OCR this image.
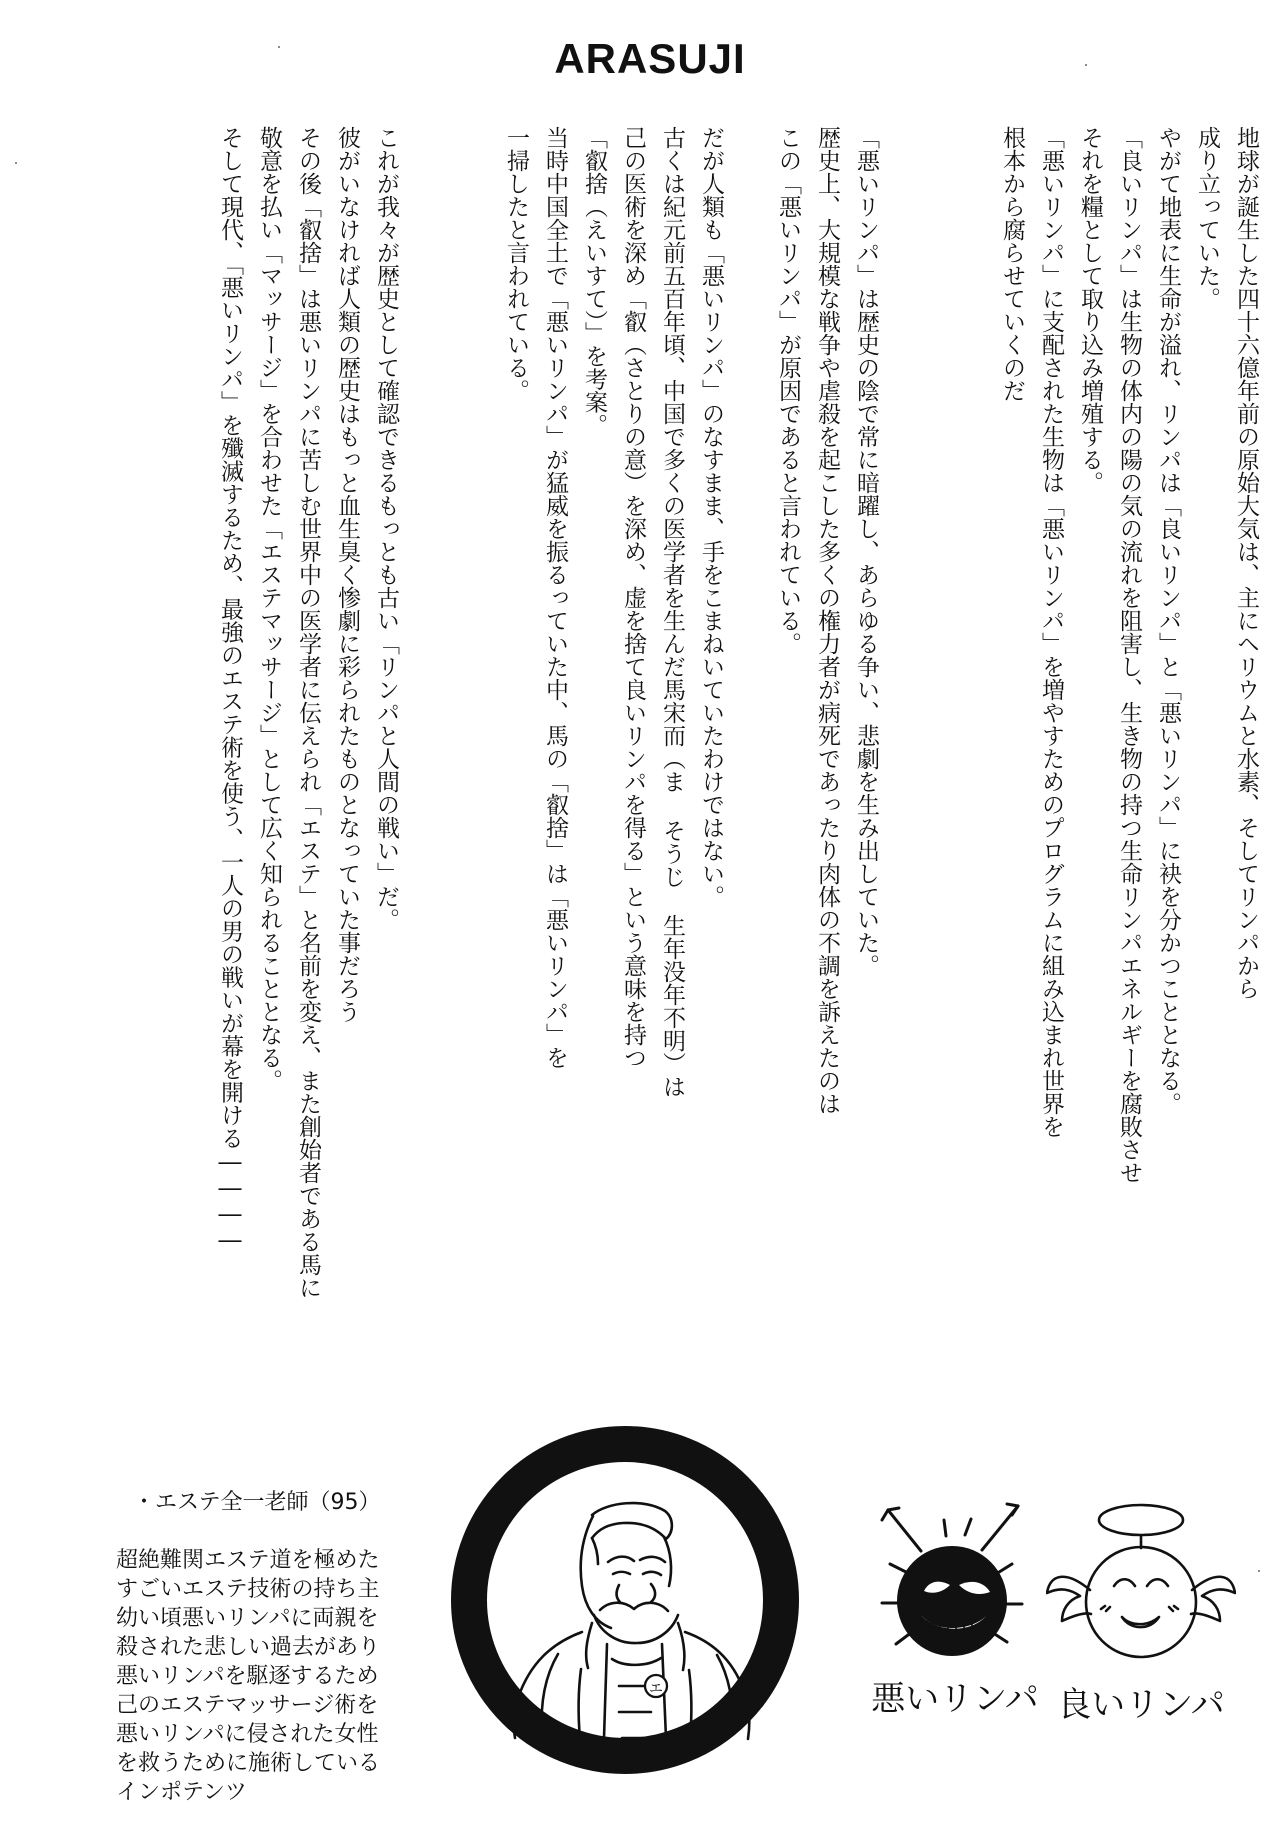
ARASUJI
地球が誕生した四十六億年前の原始大気は、主にヘリウムと水素、そしてリンパから
成り立っていた。
やがて地表に生命が溢れ、リンパは「良いリンパ」と「悪いリンパ」に袂を分かつこととなる。
「良いリンパ」は生物の体内の陽の気の流れを阻害し、生き物の持つ生命リンパエネルギーを腐敗させ
それを糧として取り込み増殖する。
「悪いリンパ」に支配された生物は「悪いリンパ」を増やすためのプログラムに組み込まれ世界を
根本から腐らせていくのだ
「悪いリンパ」は歴史の陰で常に暗躍し、あらゆる争い、悲劇を生み出していた。
歴史上、大規模な戦争や虐殺を起こした多くの権力者が病死であったり肉体の不調を訴えたのは
この「悪いリンパ」が原因であると言われている。
だが人類も「悪いリンパ」のなすまま、手をこまねいていたわけではない。
古くは紀元前五百年頃、中国で多くの医学者を生んだ馬宋而（ま そうじ 生年没年不明）は
己の医術を深め「叡（さとりの意）を深め、虚を捨て良いリンパを得る」という意味を持つ
「叡捨（えいすて）」を考案。
当時中国全土で「悪いリンパ」が猛威を振るっていた中、馬の「叡捨」は「悪いリンパ」を
一掃したと言われている。
これが我々が歴史として確認できるもっとも古い「リンパと人間の戦い」だ。
彼がいなければ人類の歴史はもっと血生臭く惨劇に彩られたものとなっていた事だろう
その後「叡捨」は悪いリンパに苦しむ世界中の医学者に伝えられ「エステ」と名前を変え、また創始者である馬に
敬意を払い「マッサージ」を合わせた「エステマッサージ」として広く知られることとなる。
そして現代、「悪いリンパ」を殲滅するため、最強のエステ術を使う、一人の男の戦いが幕を開ける――――

・エステ全一老師（95）

超絶難関エステ道を極めた
すごいエステ技術の持ち主
幼い頃悪いリンパに両親を
殺された悲しい過去があり
悪いリンパを駆逐するため
己のエステマッサージ術を
悪いリンパに侵された女性
を救うために施術している
インポテンツ

エ	悪いリンパ 良いリンパ
